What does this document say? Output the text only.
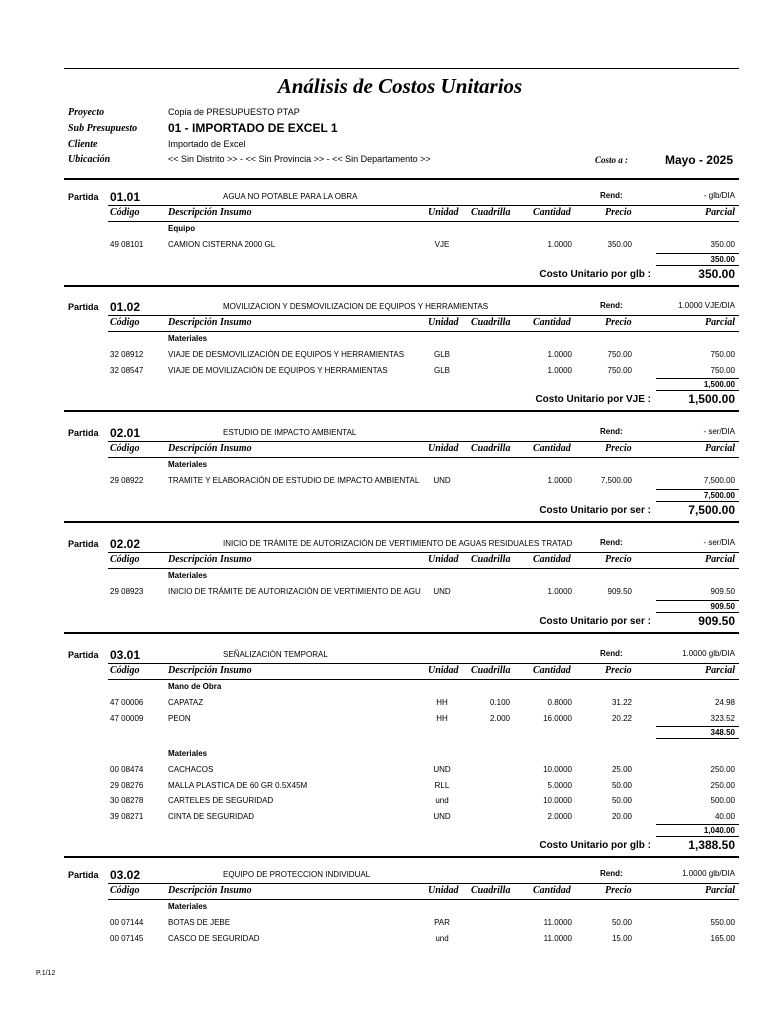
Análisis de Costos Unitarios
Proyecto	Copia de PRESUPUESTO PTAP
Sub Presupuesto	01 - IMPORTADO DE EXCEL 1
Cliente	Importado de Excel
Ubicación	<< Sin Distrito >> - << Sin Provincia >> - << Sin Departamento >>	Costo a :	Mayo - 2025
Partida 01.01	AGUA NO POTABLE PARA LA OBRA	Rend:	- glb/DIA
Código	Descripción Insumo	Unidad Cuadrilla Cantidad	Precio	Parcial
Equipo
49 08101	CAMION CISTERNA 2000 GL	VJE	1.0000	350.00	350.00
350.00
Costo Unitario por glb :	350.00
Partida 01.02	MOVILIZACION Y DESMOVILIZACION DE EQUIPOS Y HERRAMIENTAS	Rend:	1.0000 VJE/DIA
Código	Descripción Insumo	Unidad Cuadrilla Cantidad	Precio	Parcial
Materiales
32 08912	VIAJE DE DESMOVILIZACIÓN DE EQUIPOS Y HERRAMIENTAS	GLB	1.0000	750.00	750.00
32 08547	VIAJE DE MOVILIZACIÓN DE EQUIPOS Y HERRAMIENTAS	GLB	1.0000	750.00	750.00
1,500.00
Costo Unitario por VJE :	1,500.00
Partida 02.01	ESTUDIO DE IMPACTO AMBIENTAL	Rend:	- ser/DIA
Código	Descripción Insumo	Unidad Cuadrilla Cantidad	Precio	Parcial
Materiales
29 08922	TRAMITE Y ELABORACIÓN DE ESTUDIO DE IMPACTO AMBIENTAL	UND	1.0000	7,500.00	7,500.00
7,500.00
Costo Unitario por ser :	7,500.00
Partida 02.02	INICIO DE TRÁMITE DE AUTORIZACIÓN DE VERTIMIENTO DE AGUAS RESIDUALES TRATAD	Rend:	- ser/DIA
Código	Descripción Insumo	Unidad Cuadrilla Cantidad	Precio	Parcial
Materiales
29 08923	INICIO DE TRÁMITE DE AUTORIZACIÓN DE VERTIMIENTO DE AGU	UND	1.0000	909.50	909.50
909.50
Costo Unitario por ser :	909.50
Partida 03.01	SEÑALIZACIÓN TEMPORAL	Rend:	1.0000 glb/DIA
Código	Descripción Insumo	Unidad Cuadrilla Cantidad	Precio	Parcial
Mano de Obra
47 00006	CAPATAZ	HH	0.100	0.8000	31.22	24.98
47 00009	PEON	HH	2.000	16.0000	20.22	323.52
348.50
Materiales
00 08474	CACHACOS	UND	10.0000	25.00	250.00
29 08276	MALLA PLASTICA DE 60 GR 0.5X45M	RLL	5.0000	50.00	250.00
30 08278	CARTELES DE SEGURIDAD	und	10.0000	50.00	500.00
39 08271	CINTA DE SEGURIDAD	UND	2.0000	20.00	40.00
1,040.00
Costo Unitario por glb :	1,388.50
Partida 03.02	EQUIPO DE PROTECCION INDIVIDUAL	Rend:	1.0000 glb/DIA
Código	Descripción Insumo	Unidad Cuadrilla Cantidad	Precio	Parcial
Materiales
00 07144	BOTAS DE JEBE	PAR	11.0000	50.00	550.00
00 07145	CASCO DE SEGURIDAD	und	11.0000	15.00	165.00
P.1/12
